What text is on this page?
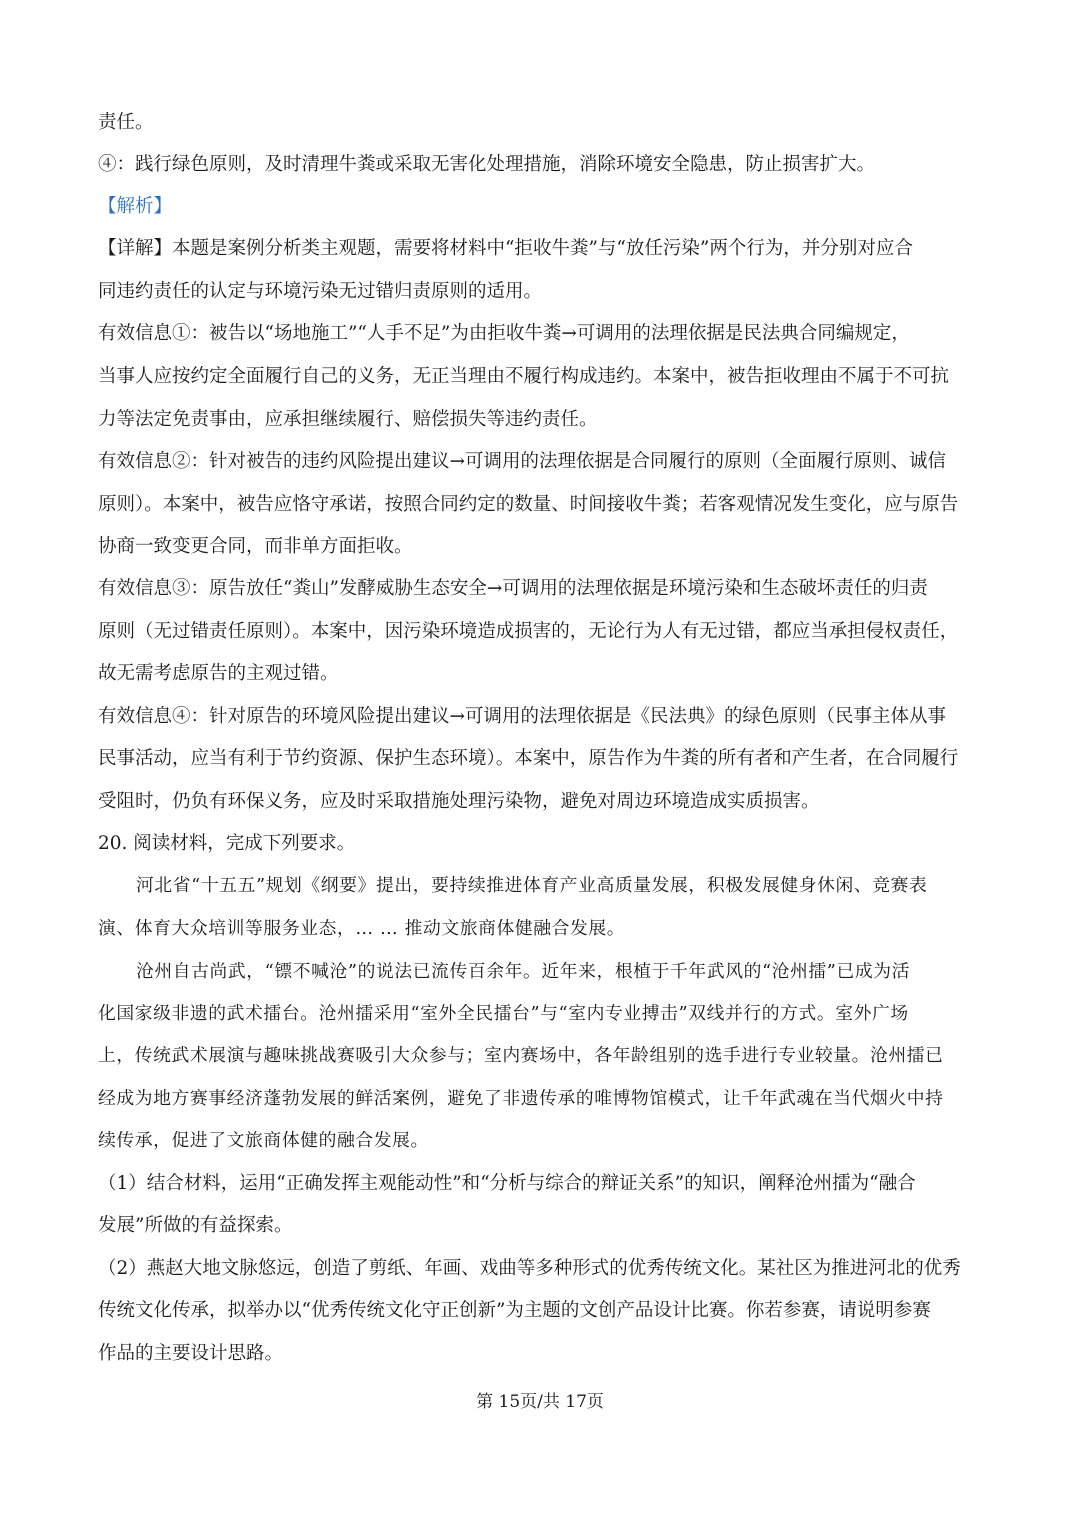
责任。
④：践行绿色原则，及时清理牛粪或采取无害化处理措施，消除环境安全隐患，防止损害扩大。
【解析】
【详解】本题是案例分析类主观题，需要将材料中“拒收牛粪”与“放任污染”两个行为，并分别对应合
同违约责任的认定与环境污染无过错归责原则的适用。
有效信息①：被告以“场地施工”“人手不足”为由拒收牛粪→可调用的法理依据是民法典合同编规定，
当事人应按约定全面履行自己的义务，无正当理由不履行构成违约。本案中，被告拒收理由不属于不可抗
力等法定免责事由，应承担继续履行、赔偿损失等违约责任。
有效信息②：针对被告的违约风险提出建议→可调用的法理依据是合同履行的原则（全面履行原则、诚信
原则）。本案中，被告应恪守承诺，按照合同约定的数量、时间接收牛粪；若客观情况发生变化，应与原告
协商一致变更合同，而非单方面拒收。
有效信息③：原告放任“粪山”发酵威胁生态安全→可调用的法理依据是环境污染和生态破坏责任的归责
原则（无过错责任原则）。本案中，因污染环境造成损害的，无论行为人有无过错，都应当承担侵权责任，
故无需考虑原告的主观过错。
有效信息④：针对原告的环境风险提出建议→可调用的法理依据是《民法典》的绿色原则（民事主体从事
民事活动，应当有利于节约资源、保护生态环境）。本案中，原告作为牛粪的所有者和产生者，在合同履行
受阻时，仍负有环保义务，应及时采取措施处理污染物，避免对周边环境造成实质损害。
20. 阅读材料，完成下列要求。
河北省“十五五”规划《纲要》提出，要持续推进体育产业高质量发展，积极发展健身休闲、竞赛表
演、体育大众培训等服务业态，… … 推动文旅商体健融合发展。
沧州自古尚武，“镖不喊沧”的说法已流传百余年。近年来，根植于千年武风的“沧州擂”已成为活
化国家级非遗的武术擂台。沧州擂采用“室外全民擂台”与“室内专业搏击”双线并行的方式。室外广场
上，传统武术展演与趣味挑战赛吸引大众参与；室内赛场中，各年龄组别的选手进行专业较量。沧州擂已
经成为地方赛事经济蓬勃发展的鲜活案例，避免了非遗传承的唯博物馆模式，让千年武魂在当代烟火中持
续传承，促进了文旅商体健的融合发展。
（1）结合材料，运用“正确发挥主观能动性”和“分析与综合的辩证关系”的知识，阐释沧州擂为“融合
发展”所做的有益探索。
（2）燕赵大地文脉悠远，创造了剪纸、年画、戏曲等多种形式的优秀传统文化。某社区为推进河北的优秀
传统文化传承，拟举办以“优秀传统文化守正创新”为主题的文创产品设计比赛。你若参赛，请说明参赛
作品的主要设计思路。
第 15页/共 17页
